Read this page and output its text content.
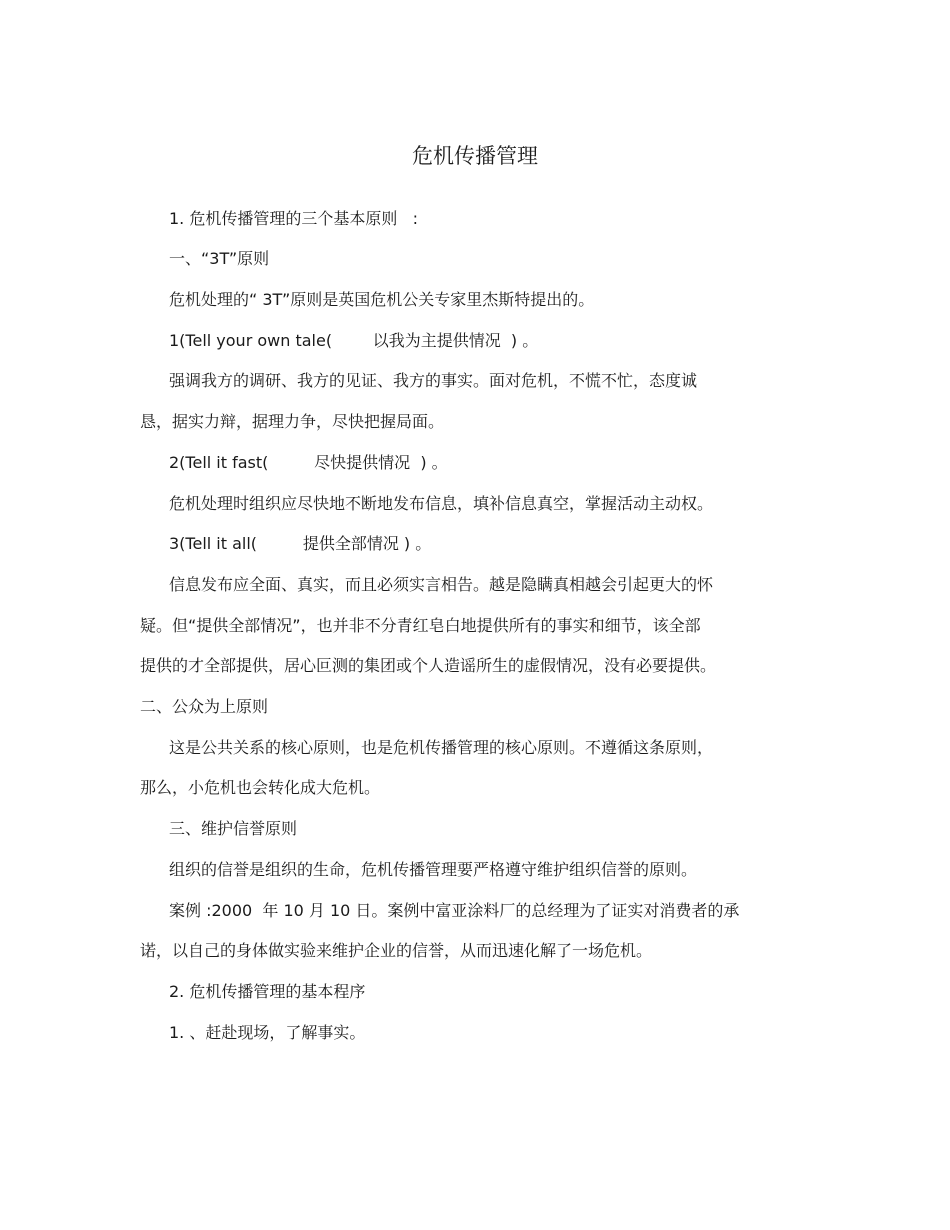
危机传播管理
1. 危机传播管理的三个基本原则   :
一、“3T”原则
危机处理的“ 3T”原则是英国危机公关专家里杰斯特提出的。
1(Tell your own tale(        以我为主提供情况  ) 。
强调我方的调研、我方的见证、我方的事实。面对危机，不慌不忙，态度诚
恳，据实力辩，据理力争，尽快把握局面。
2(Tell it fast(         尽快提供情况  ) 。
危机处理时组织应尽快地不断地发布信息，填补信息真空，掌握活动主动权。
3(Tell it all(         提供全部情况 ) 。
信息发布应全面、真实，而且必须实言相告。越是隐瞒真相越会引起更大的怀
疑。但“提供全部情况”，也并非不分青红皂白地提供所有的事实和细节，该全部
提供的才全部提供，居心叵测的集团或个人造谣所生的虚假情况，没有必要提供。
二、公众为上原则
这是公共关系的核心原则，也是危机传播管理的核心原则。不遵循这条原则，
那么，小危机也会转化成大危机。
三、维护信誉原则
组织的信誉是组织的生命，危机传播管理要严格遵守维护组织信誉的原则。
案例 :2000  年 10 月 10 日。案例中富亚涂料厂的总经理为了证实对消费者的承
诺，以自己的身体做实验来维护企业的信誉，从而迅速化解了一场危机。
2. 危机传播管理的基本程序
1. 、赶赴现场，了解事实。
